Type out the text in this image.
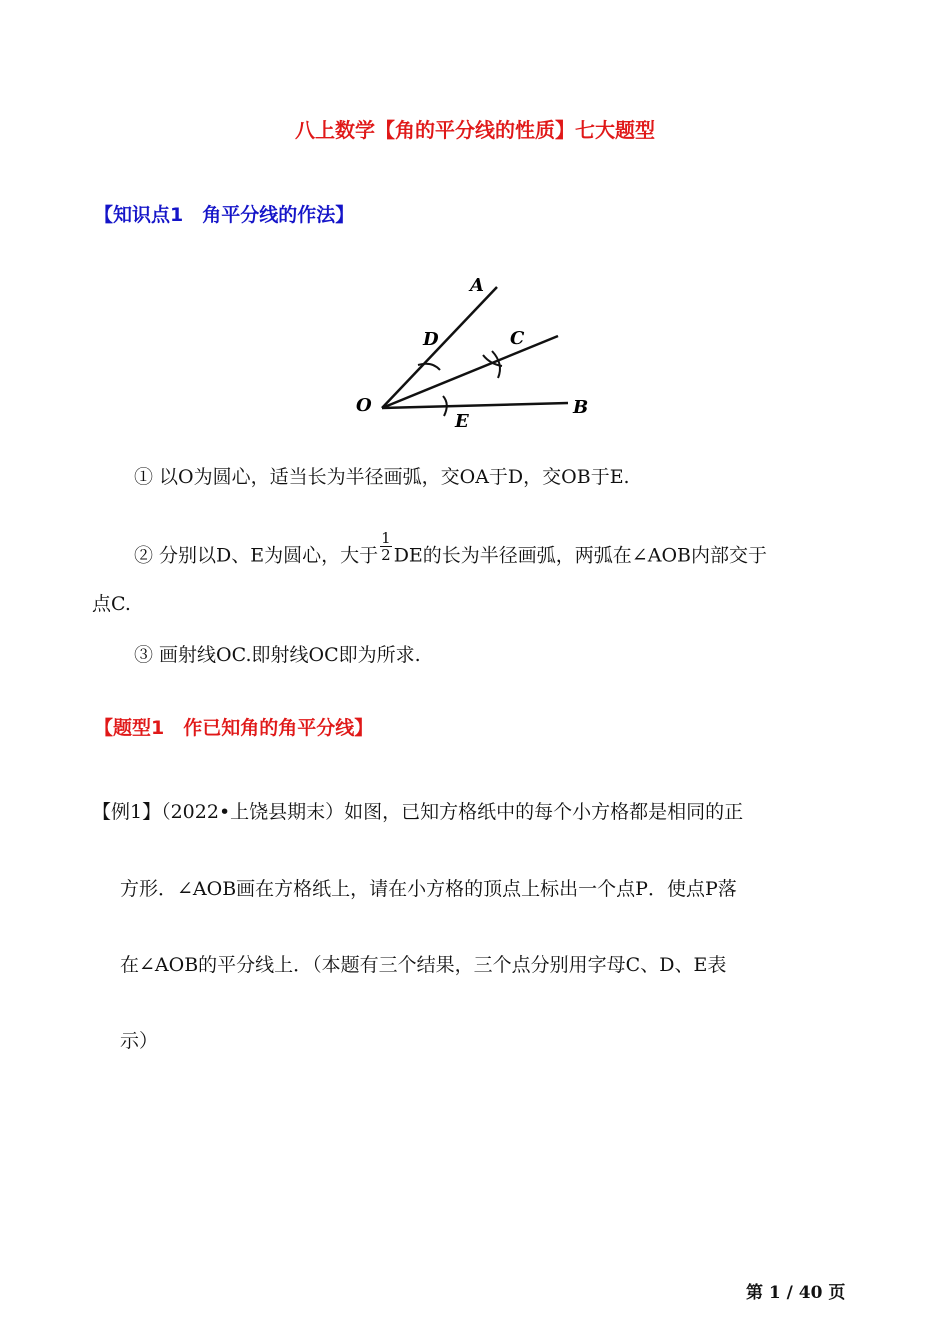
八上数学【角的平分线的性质】七大题型
【知识点1　角平分线的作法】
A
B
C
D
E
O
① 以O为圆心，适当长为半径画弧，交OA于D，交OB于E.
② 分别以D、E为圆心，大于 $\frac{1}{2}$ DE的长为半径画弧，两弧在∠AOB内部交于
点C.
③ 画射线OC.即射线OC即为所求.
【题型1　作已知角的角平分线】
【例1】（2022•上饶县期末）如图，已知方格纸中的每个小方格都是相同的正
方形．∠AOB画在方格纸上，请在小方格的顶点上标出一个点P．使点P落
在∠AOB的平分线上．（本题有三个结果，三个点分别用字母C、D、E表
示）
第 1 / 40 页
